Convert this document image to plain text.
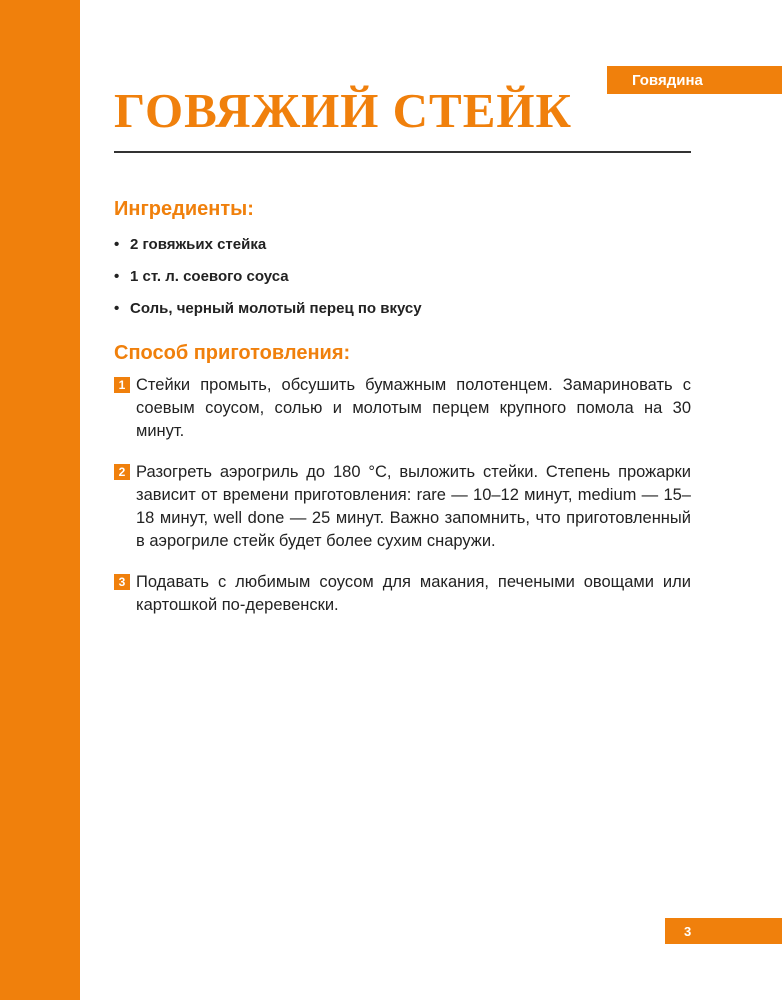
Говядина
ГОВЯЖИЙ СТЕЙК
Ингредиенты:
• 2 говяжьих стейка
• 1 ст. л. соевого соуса
• Соль, черный молотый перец по вкусу
Способ приготовления:
1 Стейки промыть, обсушить бумажным полотенцем. Замариновать с соевым соусом, солью и молотым перцем крупного помола на 30 минут.
2 Разогреть аэрогриль до 180 °С, выложить стейки. Степень прожарки зависит от времени приготовления: rare — 10–12 минут, medium — 15–18 минут, well done — 25 минут. Важно запомнить, что приготовленный в аэрогриле стейк будет более сухим снаружи.
3 Подавать с любимым соусом для макания, печеными овощами или картошкой по-деревенски.
3
